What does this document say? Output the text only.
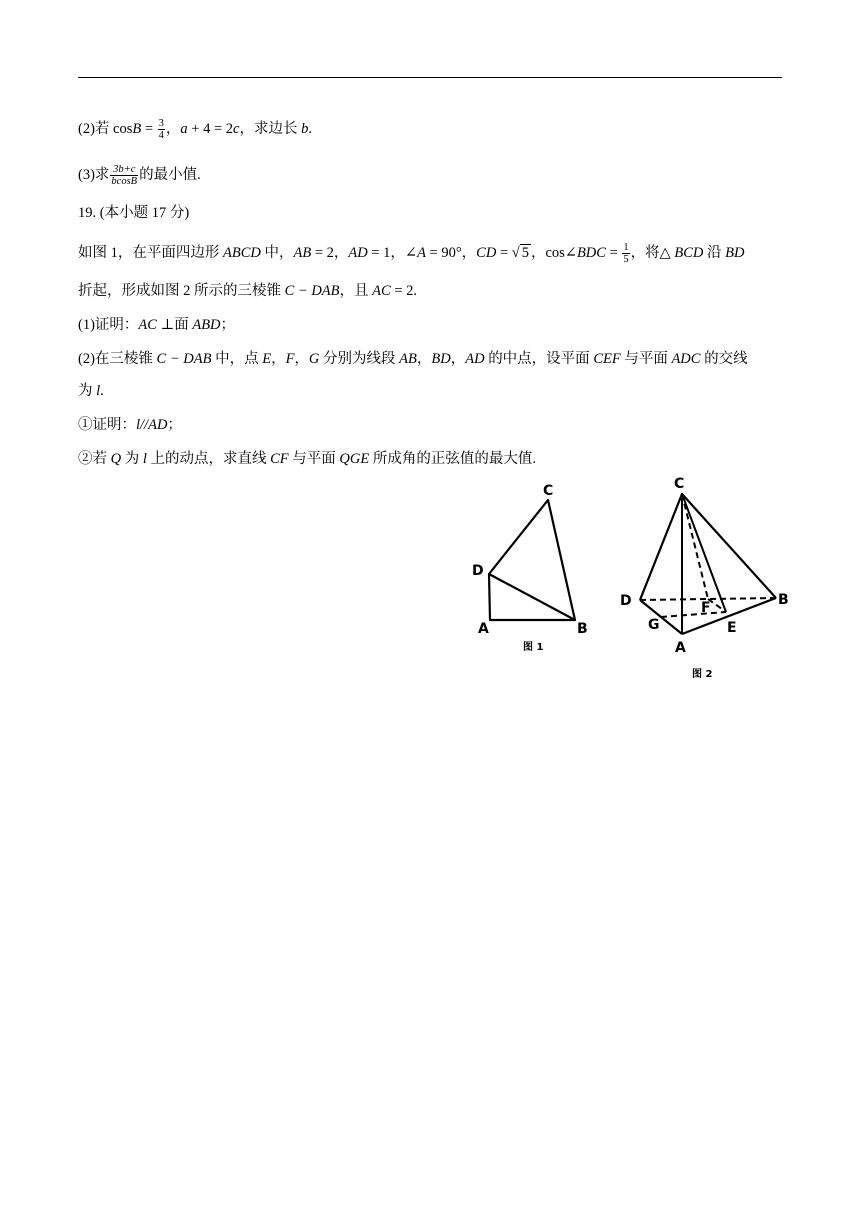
(2)若 $\cos B = \frac{3}{4}$ ，a + 4 = 2c，求边长 b.
(3)求 $\frac{3b+c}{bcosB}$ 的最小值.
19. (本小题 17 分)
如图 1，在平面四边形 ABCD 中，AB = 2，AD = 1，∠A = 90°，CD = √ 5 ，cos∠BDC = $\frac{1}{5}$ ，将△ BCD 沿 BD
折起，形成如图 2 所示的三棱锥 C − DAB，且 AC = 2.
(1)证明：AC ⊥面 ABD；
(2)在三棱锥 C − DAB 中，点 E，F，G 分别为线段 AB，BD，AD 的中点，设平面 CEF 与平面 ADC 的交线
为 l.
①证明：l//AD；
②若 Q 为 l 上的动点，求直线 CF 与平面 QGE 所成角的正弦值的最大值.
C
D
A	B
图 1
C
D	B
F
G	E
A
图 2
